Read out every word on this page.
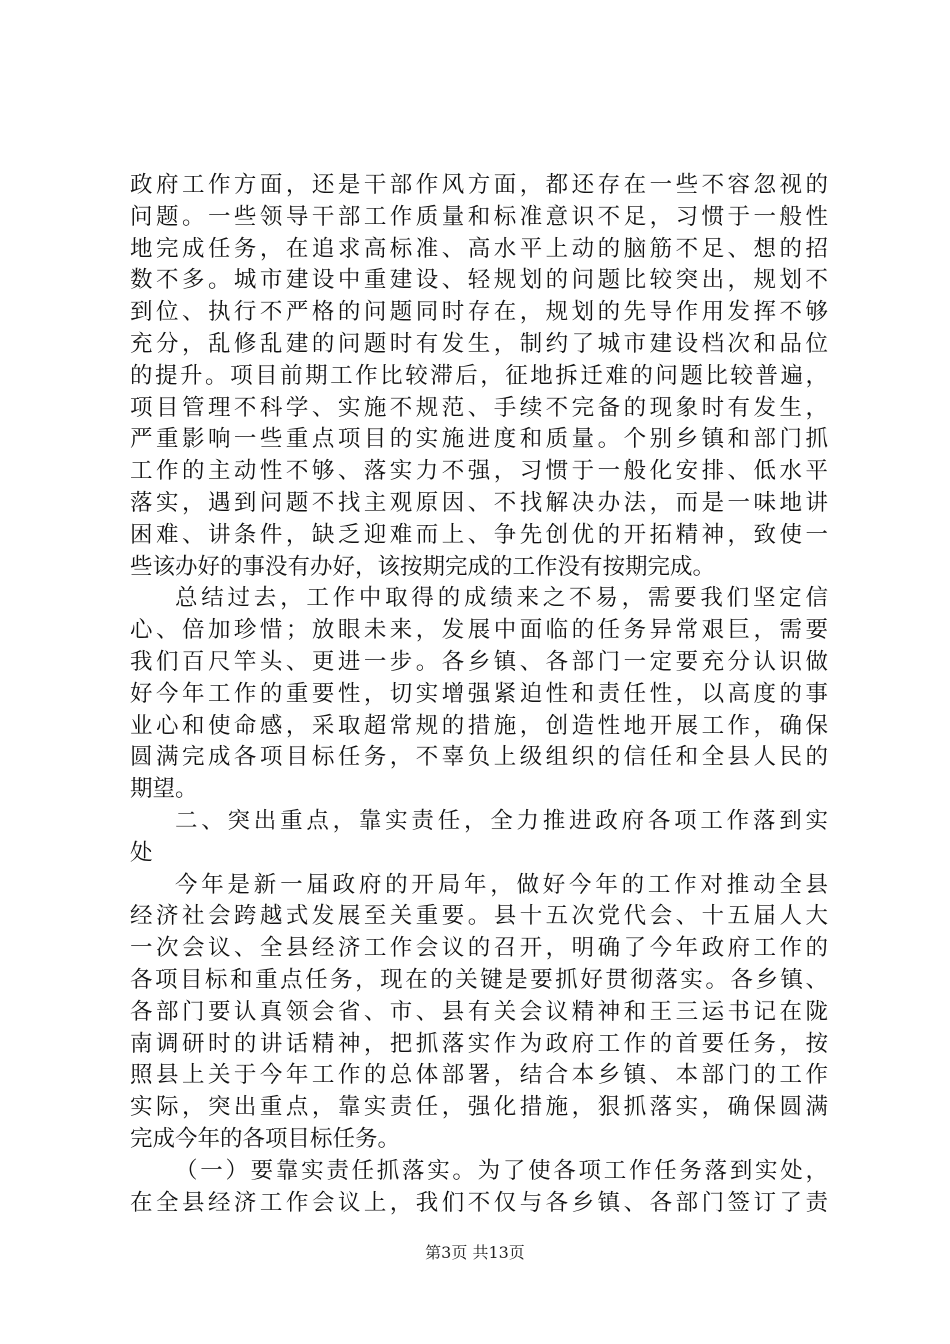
政府工作方面，还是干部作风方面，都还存在一些不容忽视的
问题。一些领导干部工作质量和标准意识不足，习惯于一般性
地完成任务，在追求高标准、高水平上动的脑筋不足、想的招
数不多。城市建设中重建设、轻规划的问题比较突出，规划不
到位、执行不严格的问题同时存在，规划的先导作用发挥不够
充分，乱修乱建的问题时有发生，制约了城市建设档次和品位
的提升。项目前期工作比较滞后，征地拆迁难的问题比较普遍，
项目管理不科学、实施不规范、手续不完备的现象时有发生，
严重影响一些重点项目的实施进度和质量。个别乡镇和部门抓
工作的主动性不够、落实力不强，习惯于一般化安排、低水平
落实，遇到问题不找主观原因、不找解决办法，而是一味地讲
困难、讲条件，缺乏迎难而上、争先创优的开拓精神，致使一
些该办好的事没有办好，该按期完成的工作没有按期完成。
总结过去，工作中取得的成绩来之不易，需要我们坚定信
心、倍加珍惜；放眼未来，发展中面临的任务异常艰巨，需要
我们百尺竿头、更进一步。各乡镇、各部门一定要充分认识做
好今年工作的重要性，切实增强紧迫性和责任性，以高度的事
业心和使命感，采取超常规的措施，创造性地开展工作，确保
圆满完成各项目标任务，不辜负上级组织的信任和全县人民的
期望。
二、突出重点，靠实责任，全力推进政府各项工作落到实
处
今年是新一届政府的开局年，做好今年的工作对推动全县
经济社会跨越式发展至关重要。县十五次党代会、十五届人大
一次会议、全县经济工作会议的召开，明确了今年政府工作的
各项目标和重点任务，现在的关键是要抓好贯彻落实。各乡镇、
各部门要认真领会省、市、县有关会议精神和王三运书记在陇
南调研时的讲话精神，把抓落实作为政府工作的首要任务，按
照县上关于今年工作的总体部署，结合本乡镇、本部门的工作
实际，突出重点，靠实责任，强化措施，狠抓落实，确保圆满
完成今年的各项目标任务。
（一）要靠实责任抓落实。为了使各项工作任务落到实处，
在全县经济工作会议上，我们不仅与各乡镇、各部门签订了责
第3页 共13页
